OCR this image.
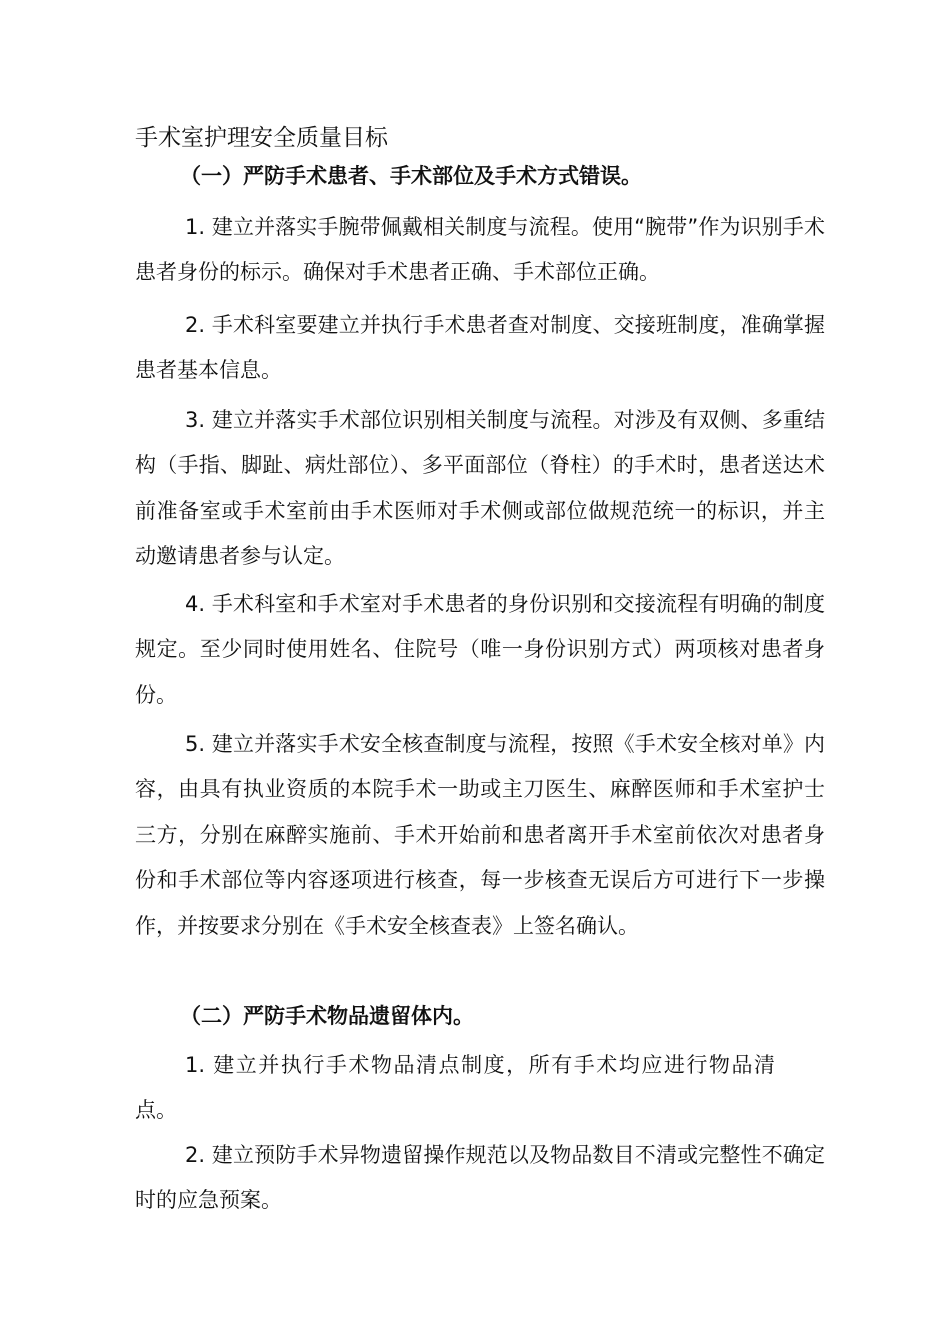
手术室护理安全质量目标
（一）严防手术患者、手术部位及手术方式错误。
1. 建立并落实手腕带佩戴相关制度与流程。使用“腕带”作为识别手术患者身份的标示。确保对手术患者正确、手术部位正确。
2. 手术科室要建立并执行手术患者查对制度、交接班制度，准确掌握患者基本信息。
3. 建立并落实手术部位识别相关制度与流程。对涉及有双侧、多重结构（手指、脚趾、病灶部位）、多平面部位（脊柱）的手术时，患者送达术前准备室或手术室前由手术医师对手术侧或部位做规范统一的标识，并主动邀请患者参与认定。
4. 手术科室和手术室对手术患者的身份识别和交接流程有明确的制度规定。至少同时使用姓名、住院号（唯一身份识别方式）两项核对患者身份。
5. 建立并落实手术安全核查制度与流程，按照《手术安全核对单》内容，由具有执业资质的本院手术一助或主刀医生、麻醉医师和手术室护士三方，分别在麻醉实施前、手术开始前和患者离开手术室前依次对患者身份和手术部位等内容逐项进行核查，每一步核查无误后方可进行下一步操作，并按要求分别在《手术安全核查表》上签名确认。
（二）严防手术物品遗留体内。
1. 建立并执行手术物品清点制度，所有手术均应进行物品清点。
2. 建立预防手术异物遗留操作规范以及物品数目不清或完整性不确定时的应急预案。
